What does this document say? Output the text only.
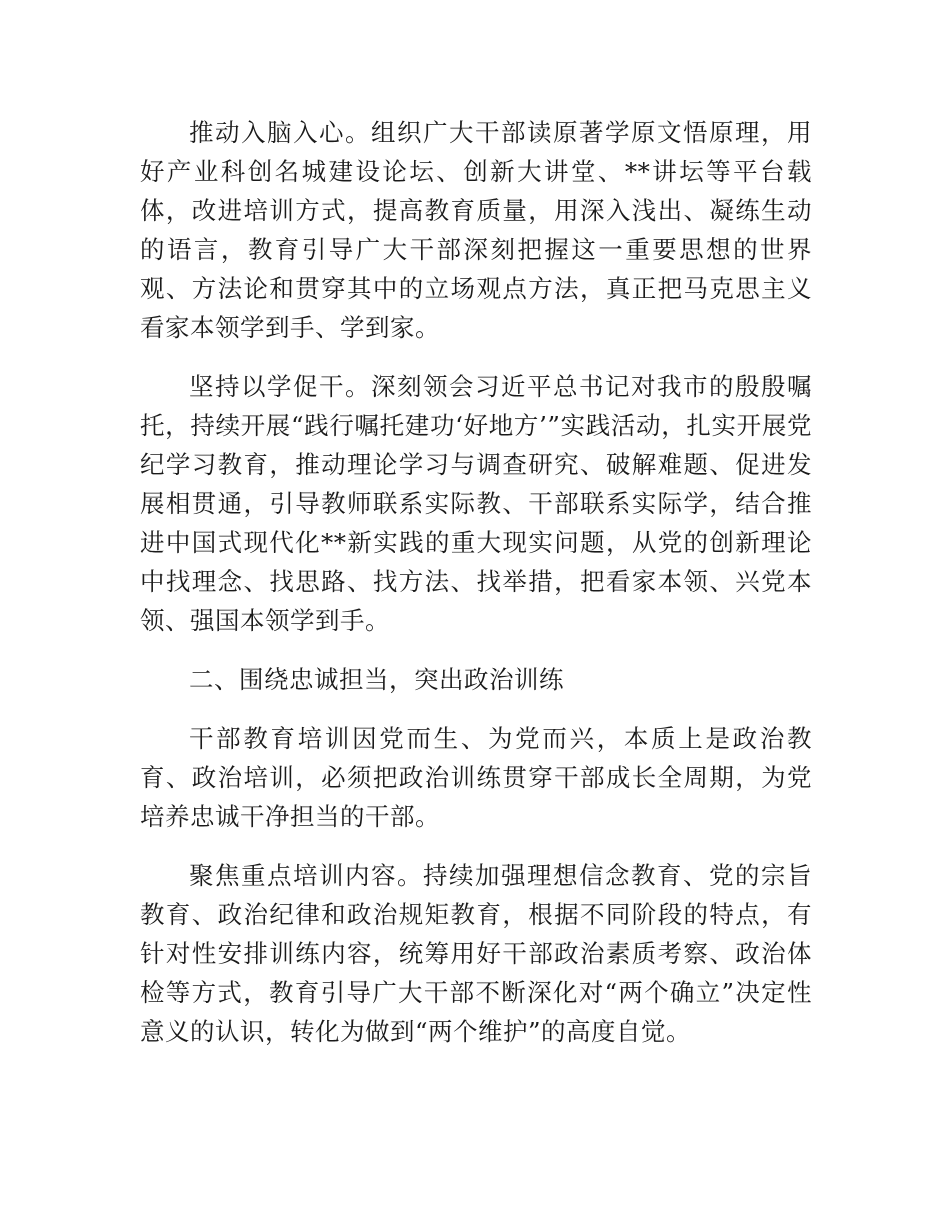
推动入脑入心。组织广大干部读原著学原文悟原理，用好产业科创名城建设论坛、创新大讲堂、**讲坛等平台载体，改进培训方式，提高教育质量，用深入浅出、凝练生动的语言，教育引导广大干部深刻把握这一重要思想的世界观、方法论和贯穿其中的立场观点方法，真正把马克思主义看家本领学到手、学到家。

坚持以学促干。深刻领会习近平总书记对我市的殷殷嘱托，持续开展“践行嘱托建功‘好地方’”实践活动，扎实开展党纪学习教育，推动理论学习与调查研究、破解难题、促进发展相贯通，引导教师联系实际教、干部联系实际学，结合推进中国式现代化**新实践的重大现实问题，从党的创新理论中找理念、找思路、找方法、找举措，把看家本领、兴党本领、强国本领学到手。

二、围绕忠诚担当，突出政治训练

干部教育培训因党而生、为党而兴，本质上是政治教育、政治培训，必须把政治训练贯穿干部成长全周期，为党培养忠诚干净担当的干部。

聚焦重点培训内容。持续加强理想信念教育、党的宗旨教育、政治纪律和政治规矩教育，根据不同阶段的特点，有针对性安排训练内容，统筹用好干部政治素质考察、政治体检等方式，教育引导广大干部不断深化对“两个确立”决定性意义的认识，转化为做到“两个维护”的高度自觉。
